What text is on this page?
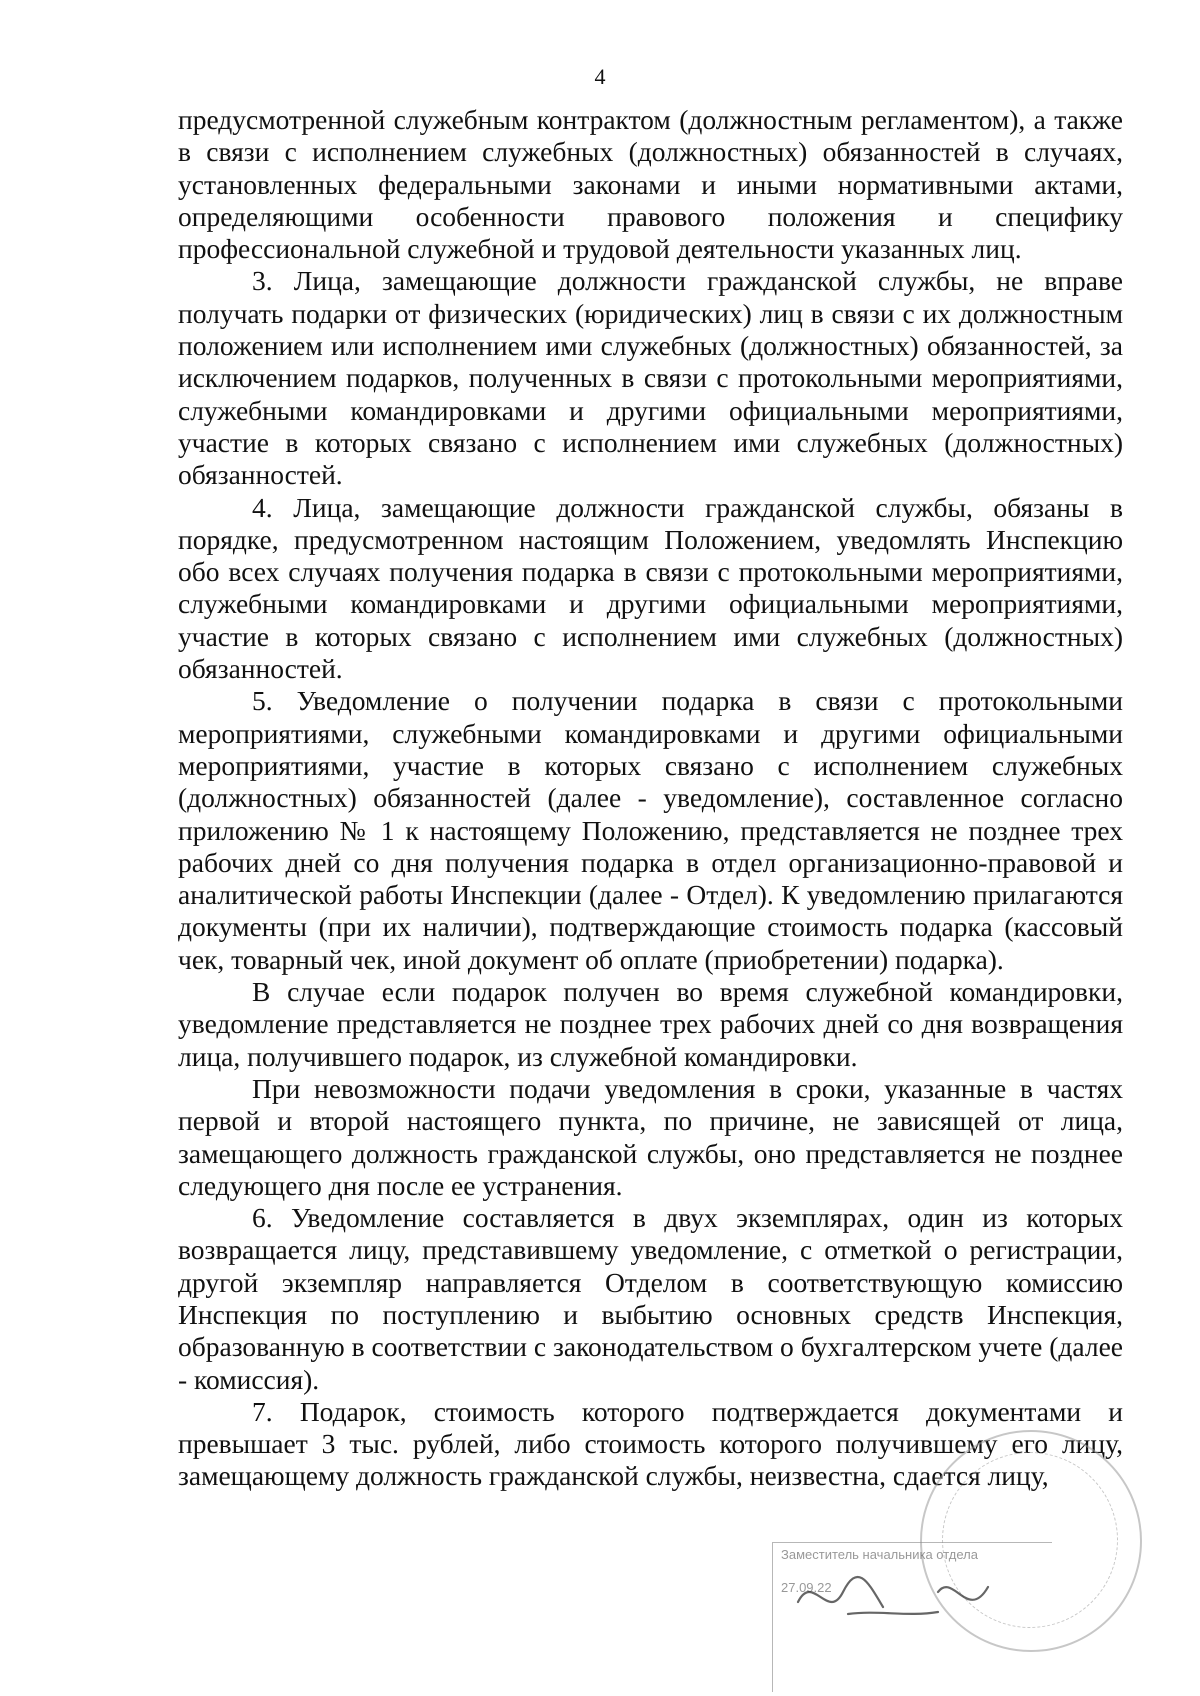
4

предусмотренной служебным контрактом (должностным регламентом), а также в связи с исполнением служебных (должностных) обязанностей в случаях, установленных федеральными законами и иными нормативными актами, определяющими особенности правового положения и специфику профессиональной служебной и трудовой деятельности указанных лиц.

3. Лица, замещающие должности гражданской службы, не вправе получать подарки от физических (юридических) лиц в связи с их должностным положением или исполнением ими служебных (должностных) обязанностей, за исключением подарков, полученных в связи с протокольными мероприятиями, служебными командировками и другими официальными мероприятиями, участие в которых связано с исполнением ими служебных (должностных) обязанностей.

4. Лица, замещающие должности гражданской службы, обязаны в порядке, предусмотренном настоящим Положением, уведомлять Инспекцию обо всех случаях получения подарка в связи с протокольными мероприятиями, служебными командировками и другими официальными мероприятиями, участие в которых связано с исполнением ими служебных (должностных) обязанностей.

5. Уведомление о получении подарка в связи с протокольными мероприятиями, служебными командировками и другими официальными мероприятиями, участие в которых связано с исполнением служебных (должностных) обязанностей (далее - уведомление), составленное согласно приложению № 1 к настоящему Положению, представляется не позднее трех рабочих дней со дня получения подарка в отдел организационно-правовой и аналитической работы Инспекции (далее - Отдел). К уведомлению прилагаются документы (при их наличии), подтверждающие стоимость подарка (кассовый чек, товарный чек, иной документ об оплате (приобретении) подарка).

В случае если подарок получен во время служебной командировки, уведомление представляется не позднее трех рабочих дней со дня возвращения лица, получившего подарок, из служебной командировки.

При невозможности подачи уведомления в сроки, указанные в частях первой и второй настоящего пункта, по причине, не зависящей от лица, замещающего должность гражданской службы, оно представляется не позднее следующего дня после ее устранения.

6. Уведомление составляется в двух экземплярах, один из которых возвращается лицу, представившему уведомление, с отметкой о регистрации, другой экземпляр направляется Отделом в соответствующую комиссию Инспекция по поступлению и выбытию основных средств Инспекция, образованную в соответствии с законодательством о бухгалтерском учете (далее - комиссия).

7. Подарок, стоимость которого подтверждается документами и превышает 3 тыс. рублей, либо стоимость которого получившему его лицу, замещающему должность гражданской службы, неизвестна, сдается лицу,

Заместитель начальника отдела
27.09.22
